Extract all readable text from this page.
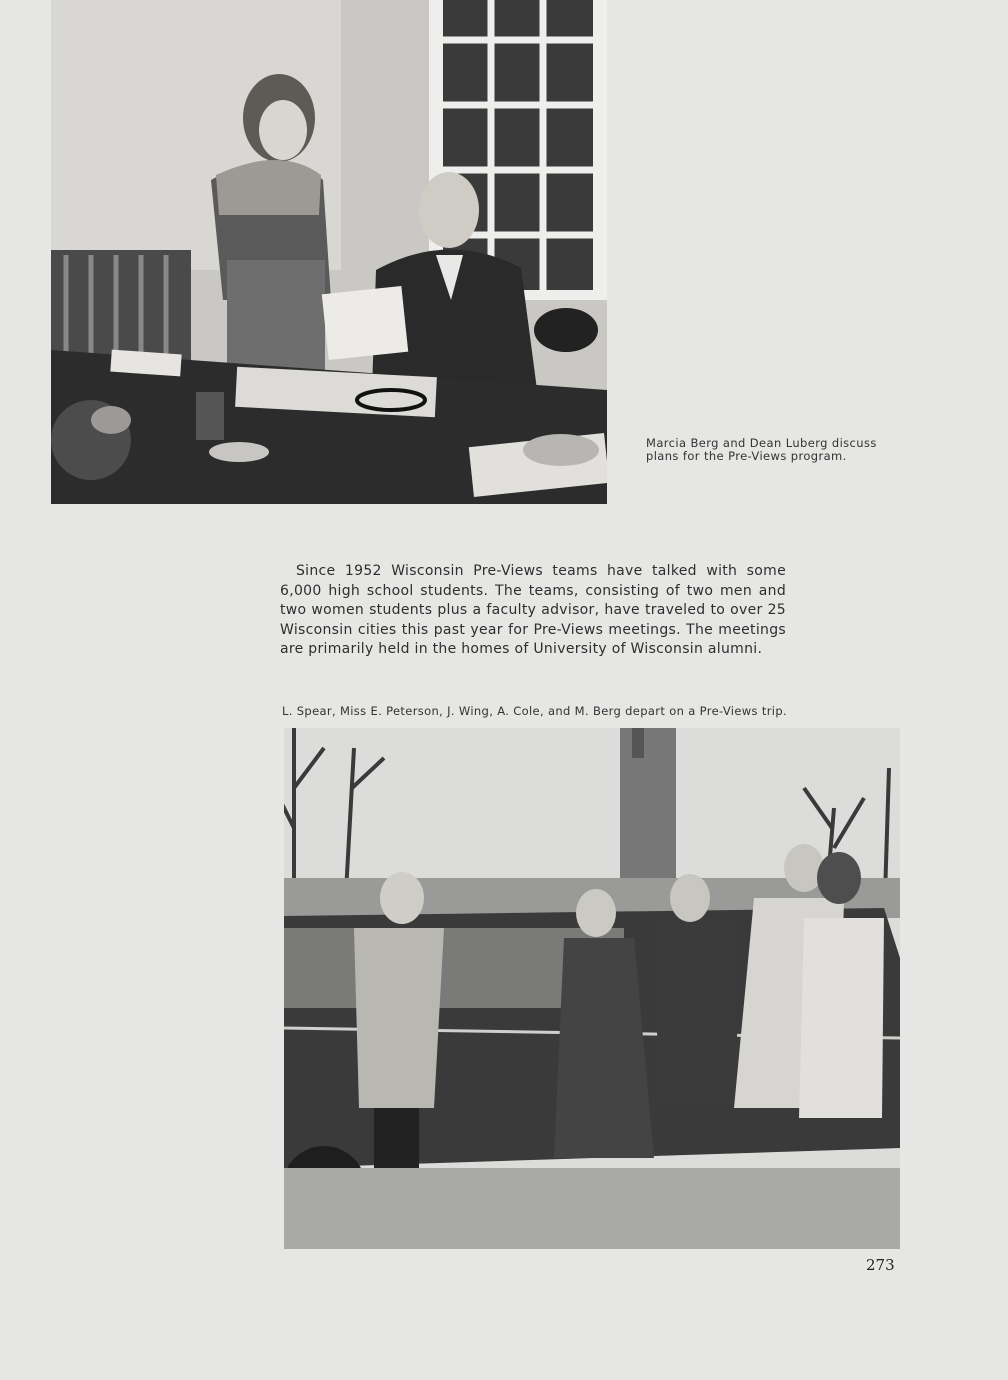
Marcia Berg and Dean Luberg discuss plans for the Pre-Views program.

Since 1952 Wisconsin Pre-Views teams have talked with some 6,000 high school students. The teams, consisting of two men and two women students plus a faculty advisor, have traveled to over 25 Wisconsin cities this past year for Pre-Views meetings. The meetings are primarily held in the homes of University of Wisconsin alumni.

L. Spear, Miss E. Peterson, J. Wing, A. Cole, and M. Berg depart on a Pre-Views trip.
273
